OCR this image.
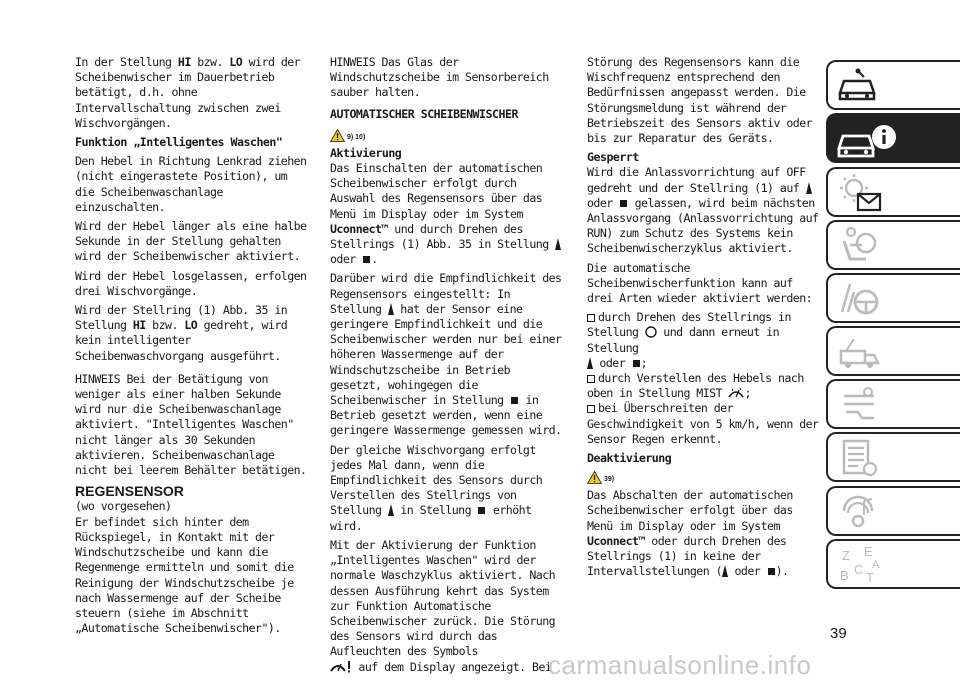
In der Stellung HI bzw. LO wird der Scheibenwischer im Dauerbetrieb betätigt, d.h. ohne Intervallschaltung zwischen zwei Wischvorgängen.

Funktion „Intelligentes Waschen"

Den Hebel in Richtung Lenkrad ziehen (nicht eingerastete Position), um die Scheibenwaschanlage einzuschalten.

Wird der Hebel länger als eine halbe Sekunde in der Stellung gehalten wird der Scheibenwischer aktiviert.

Wird der Hebel losgelassen, erfolgen drei Wischvorgänge.

Wird der Stellring (1) Abb. 35 in Stellung HI bzw. LO gedreht, wird kein intelligenter Scheibenwaschvorgang ausgeführt.

HINWEIS Bei der Betätigung von weniger als einer halben Sekunde wird nur die Scheibenwaschanlage aktiviert. "Intelligentes Waschen" nicht länger als 30 Sekunden aktivieren. Scheibenwaschanlage nicht bei leerem Behälter betätigen.

REGENSENSOR

(wo vorgesehen)

Er befindet sich hinter dem Rückspiegel, in Kontakt mit der Windschutzscheibe und kann die Regenmenge ermitteln und somit die Reinigung der Windschutzscheibe je nach Wassermenge auf der Scheibe steuern (siehe im Abschnitt „Automatische Scheibenwischer").

HINWEIS Das Glas der Windschutzscheibe im Sensorbereich sauber halten.

AUTOMATISCHER SCHEIBENWISCHER
9) 10)
Aktivierung

Das Einschalten der automatischen Scheibenwischer erfolgt durch Auswahl des Regensensors über das Menü im Display oder im System Uconnect™ und durch Drehen des Stellrings (1) Abb. 35 in Stellung  oder .

Darüber wird die Empfindlichkeit des Regensensors eingestellt: In Stellung  hat der Sensor eine geringere Empfindlichkeit und die Scheibenwischer werden nur bei einer höheren Wassermenge auf der Windschutzscheibe in Betrieb gesetzt, wohingegen die Scheibenwischer in Stellung  in Betrieb gesetzt werden, wenn eine geringere Wassermenge gemessen wird.

Der gleiche Wischvorgang erfolgt jedes Mal dann, wenn die Empfindlichkeit des Sensors durch Verstellen des Stellrings von Stellung  in Stellung  erhöht wird.

Mit der Aktivierung der Funktion „Intelligentes Waschen" wird der normale Waschzyklus aktiviert. Nach dessen Ausführung kehrt das System zur Funktion Automatische Scheibenwischer zurück. Die Störung des Sensors wird durch das Aufleuchten des Symbols
auf dem Display angezeigt. Bei

Störung des Regensensors kann die Wischfrequenz entsprechend den Bedürfnissen angepasst werden. Die Störungsmeldung ist während der Betriebszeit des Sensors aktiv oder bis zur Reparatur des Geräts.

Gesperrt

Wird die Anlassvorrichtung auf OFF gedreht und der Stellring (1) auf
oder  gelassen, wird beim nächsten Anlassvorgang (Anlassvorrichtung auf RUN) zum Schutz des Systems kein Scheibenwischerzyklus aktiviert.

Die automatische Scheibenwischerfunktion kann auf drei Arten wieder aktiviert werden:

durch Drehen des Stellrings in Stellung  und dann erneut in Stellung
oder ;

durch Verstellen des Hebels nach oben in Stellung MIST ;

bei Überschreiten der Geschwindigkeit von 5 km/h, wenn der Sensor Regen erkennt.

Deaktivierung
39)

Das Abschalten der automatischen Scheibenwischer erfolgt über das Menü im Display oder im System Uconnect™ oder durch Drehen des Stellrings (1) in keine der Intervallstellungen ( oder ).

Z E
B C
T
A
39
carmanualsonline.info
